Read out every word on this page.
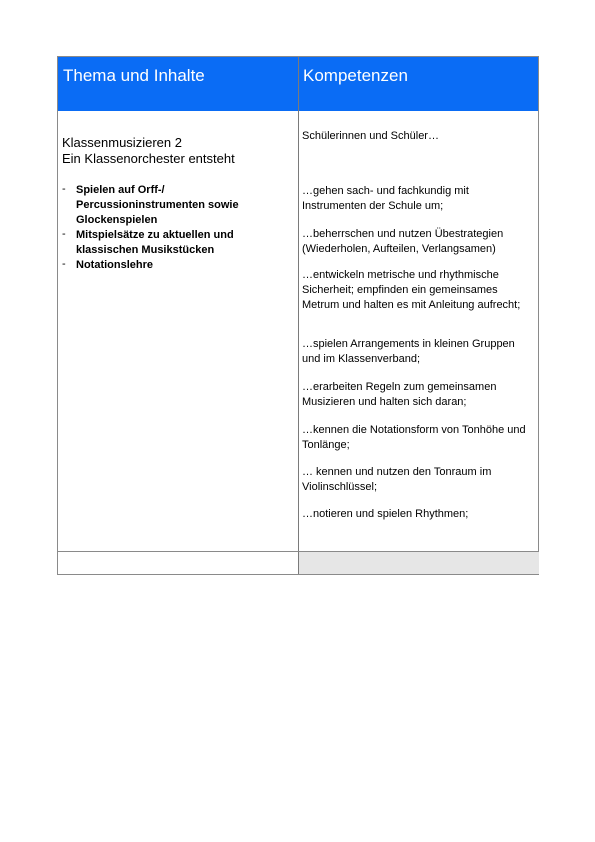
Thema und Inhalte	Kompetenzen
Klassenmusizieren 2
Ein Klassenorchester entsteht
- Spielen auf Orff-/ Percussioninstrumenten sowie Glockenspielen
- Mitspielsätze zu aktuellen und klassischen Musikstücken
- Notationslehre
Schülerinnen und Schüler…
…gehen sach- und fachkundig mit Instrumenten der Schule um;
…beherrschen und nutzen Übestrategien (Wiederholen, Aufteilen, Verlangsamen)
…entwickeln metrische und rhythmische Sicherheit; empfinden ein gemeinsames Metrum und halten es mit Anleitung aufrecht;
…spielen Arrangements in kleinen Gruppen und im Klassenverband;
…erarbeiten Regeln zum gemeinsamen Musizieren und halten sich daran;
…kennen die Notationsform von Tonhöhe und Tonlänge;
… kennen und nutzen den Tonraum im Violinschlüssel;
…notieren und spielen Rhythmen;
